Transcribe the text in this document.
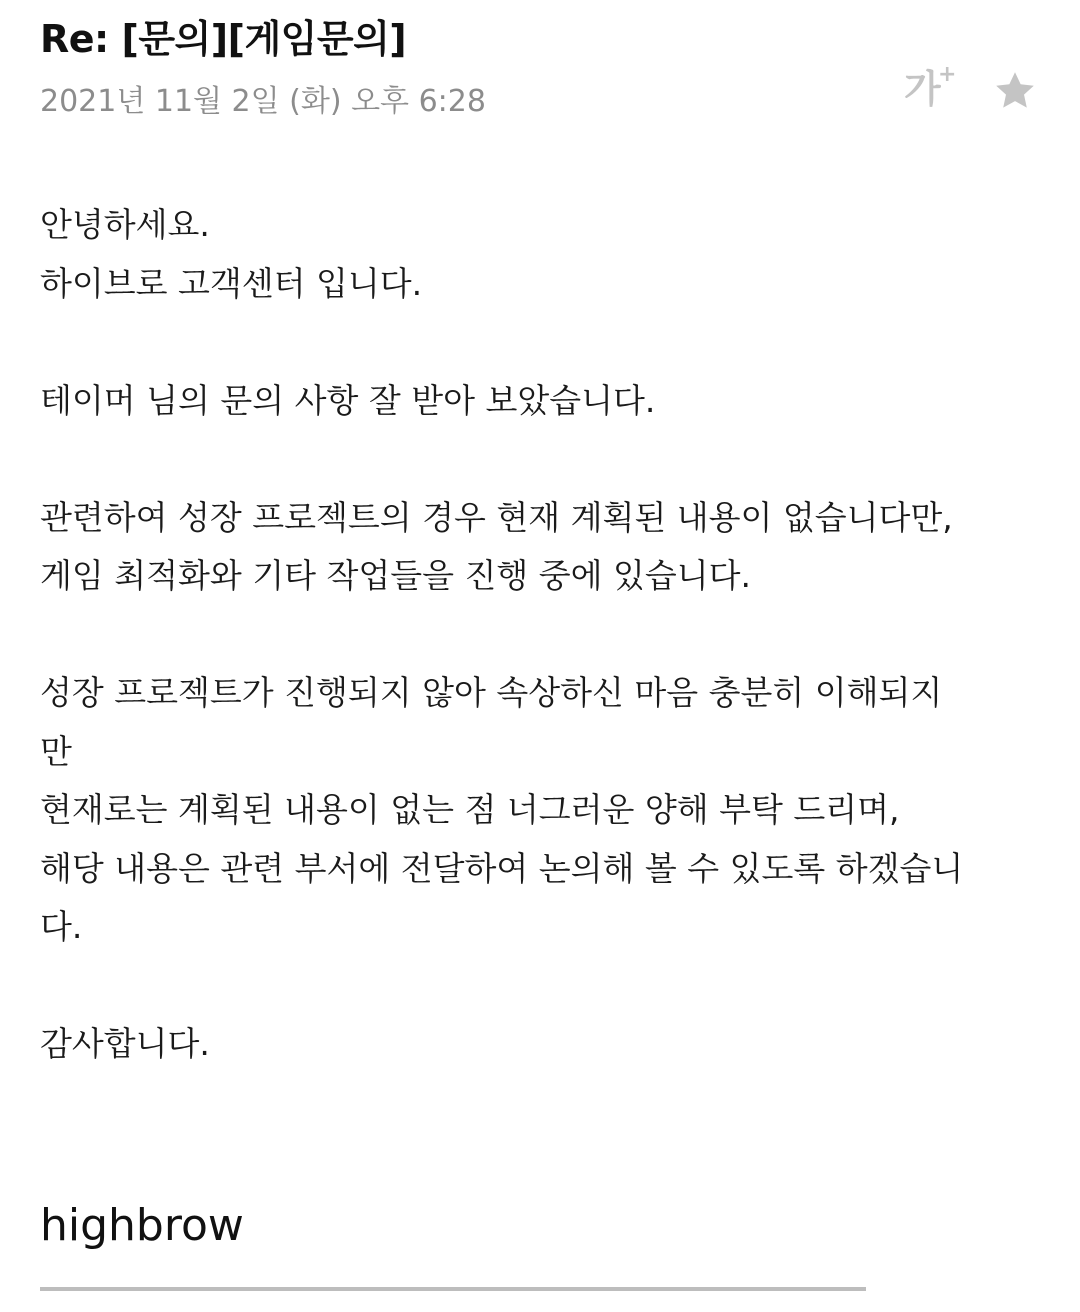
Re: [문의][게임문의]
2021년 11월 2일 (화) 오후 6:28	가
+
안녕하세요.
하이브로 고객센터 입니다.
테이머 님의 문의 사항 잘 받아 보았습니다.
관련하여 성장 프로젝트의 경우 현재 계획된 내용이 없습니다만,
게임 최적화와 기타 작업들을 진행 중에 있습니다.
성장 프로젝트가 진행되지 않아 속상하신 마음 충분히 이해되지
만
현재로는 계획된 내용이 없는 점 너그러운 양해 부탁 드리며,
해당 내용은 관련 부서에 전달하여 논의해 볼 수 있도록 하겠습니
다.
감사합니다.
highbrow
